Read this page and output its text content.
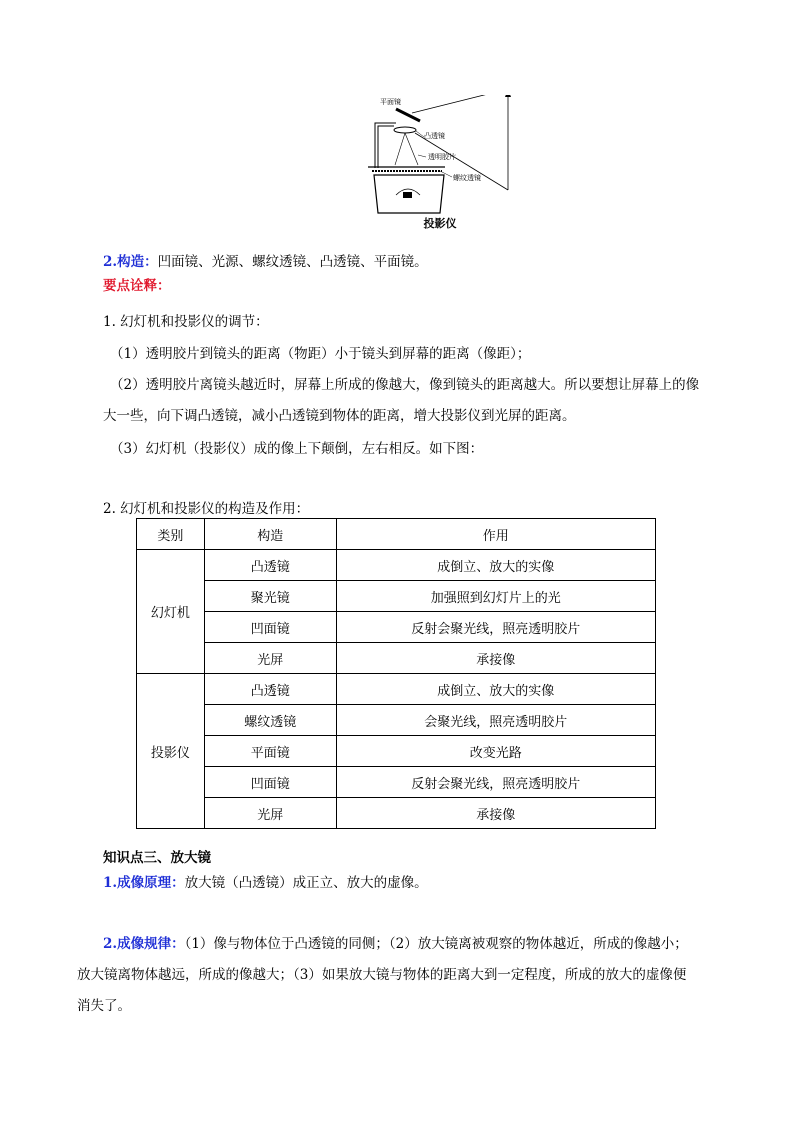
平面镜
凸透镜
透明胶片
螺纹透镜
投影仪
2.构造：凹面镜、光源、螺纹透镜、凸透镜、平面镜。
要点诠释：
1. 幻灯机和投影仪的调节：
（1）透明胶片到镜头的距离（物距）小于镜头到屏幕的距离（像距）；
（2）透明胶片离镜头越近时，屏幕上所成的像越大，像到镜头的距离越大。所以要想让屏幕上的像
大一些，向下调凸透镜，减小凸透镜到物体的距离，增大投影仪到光屏的距离。
（3）幻灯机（投影仪）成的像上下颠倒，左右相反。如下图：
2. 幻灯机和投影仪的构造及作用：
类别	构造	作用
幻灯机	凸透镜	成倒立、放大的实像
	聚光镜	加强照到幻灯片上的光
	凹面镜	反射会聚光线，照亮透明胶片
	光屏	承接像
投影仪	凸透镜	成倒立、放大的实像
	螺纹透镜	会聚光线，照亮透明胶片
	平面镜	改变光路
	凹面镜	反射会聚光线，照亮透明胶片
	光屏	承接像
知识点三、放大镜
1.成像原理：放大镜（凸透镜）成正立、放大的虚像。
2.成像规律：（1）像与物体位于凸透镜的同侧；（2）放大镜离被观察的物体越近，所成的像越小；
放大镜离物体越远，所成的像越大；（3）如果放大镜与物体的距离大到一定程度，所成的放大的虚像便
消失了。
